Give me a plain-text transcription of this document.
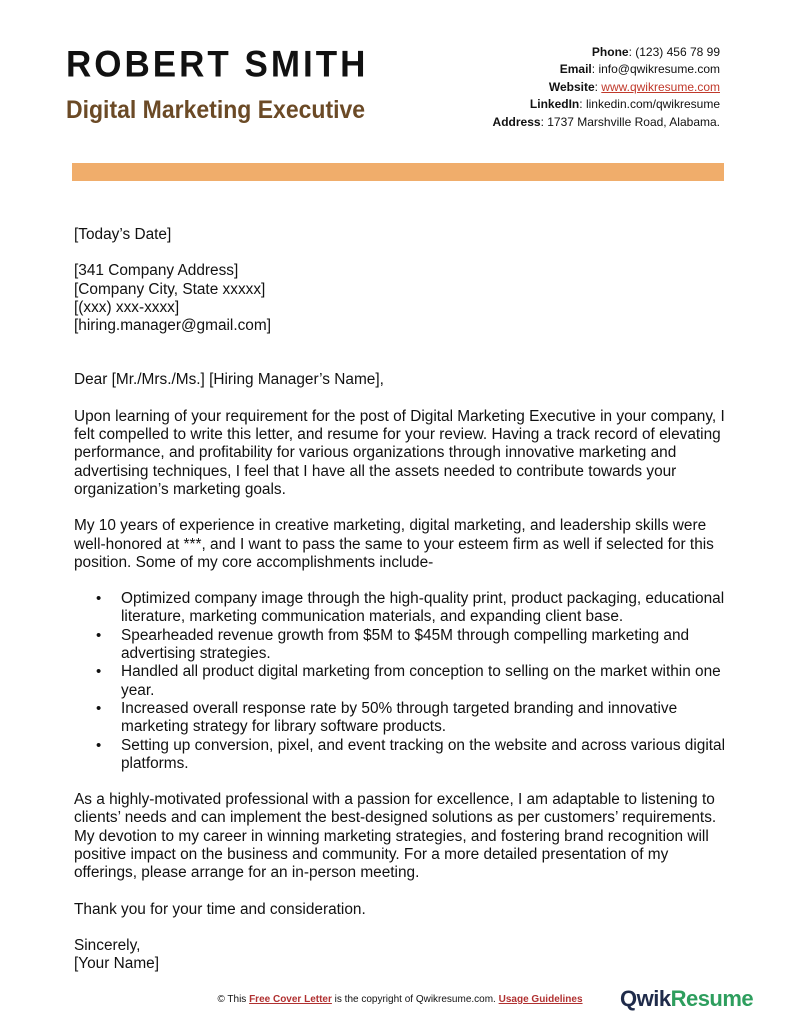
ROBERT SMITH
Digital Marketing Executive
Phone: (123) 456 78 99
Email: info@qwikresume.com
Website: www.qwikresume.com
LinkedIn: linkedin.com/qwikresume
Address: 1737 Marshville Road, Alabama.

[Today’s Date]

[341 Company Address]
[Company City, State xxxxx]
[(xxx) xxx-xxxx]
[hiring.manager@gmail.com]

Dear [Mr./Mrs./Ms.] [Hiring Manager’s Name],

Upon learning of your requirement for the post of Digital Marketing Executive in your company, I felt compelled to write this letter, and resume for your review. Having a track record of elevating performance, and profitability for various organizations through innovative marketing and advertising techniques, I feel that I have all the assets needed to contribute towards your organization’s marketing goals.

My 10 years of experience in creative marketing, digital marketing, and leadership skills were well-honored at ***, and I want to pass the same to your esteem firm as well if selected for this position. Some of my core accomplishments include-

• Optimized company image through the high-quality print, product packaging, educational literature, marketing communication materials, and expanding client base.
• Spearheaded revenue growth from $5M to $45M through compelling marketing and advertising strategies.
• Handled all product digital marketing from conception to selling on the market within one year.
• Increased overall response rate by 50% through targeted branding and innovative marketing strategy for library software products.
• Setting up conversion, pixel, and event tracking on the website and across various digital platforms.

As a highly-motivated professional with a passion for excellence, I am adaptable to listening to clients’ needs and can implement the best-designed solutions as per customers’ requirements. My devotion to my career in winning marketing strategies, and fostering brand recognition will positive impact on the business and community. For a more detailed presentation of my offerings, please arrange for an in-person meeting.

Thank you for your time and consideration.

Sincerely,
[Your Name]
© This Free Cover Letter is the copyright of Qwikresume.com. Usage Guidelines	QwikResume
